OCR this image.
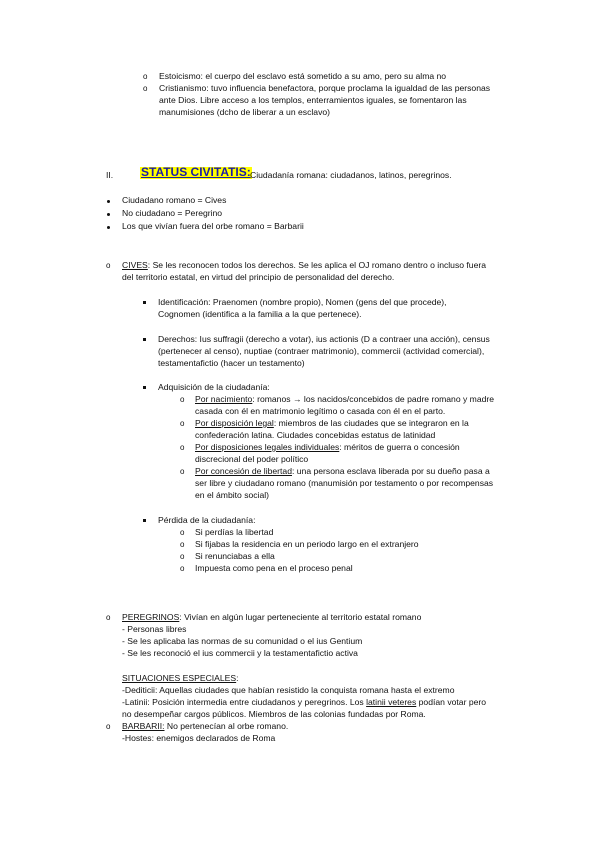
o Estoicismo: el cuerpo del esclavo está sometido a su amo, pero su alma no
o Cristianismo: tuvo influencia benefactora, porque proclama la igualdad de las personas
ante Dios. Libre acceso a los templos, enterramientos iguales, se fomentaron las
manumisiones (dcho de liberar a un esclavo)
II. STATUS CIVITATIS: Ciudadanía romana: ciudadanos, latinos, peregrinos.
Ciudadano romano = Cives
No ciudadano = Peregrino
Los que vivían fuera del orbe romano = Barbarii
o CIVES: Se les reconocen todos los derechos. Se les aplica el OJ romano dentro o incluso fuera
del territorio estatal, en virtud del principio de personalidad del derecho.
Identificación: Praenomen (nombre propio), Nomen (gens del que procede),
Cognomen (identifica a la familia a la que pertenece).
Derechos: Ius suffragii (derecho a votar), ius actionis (D a contraer una acción), census
(pertenecer al censo), nuptiae (contraer matrimonio), commercii (actividad comercial),
testamentafictio (hacer un testamento)
Adquisición de la ciudadanía:
o Por nacimiento: romanos → los nacidos/concebidos de padre romano y madre
casada con él en matrimonio legítimo o casada con él en el parto.
o Por disposición legal: miembros de las ciudades que se integraron en la
confederación latina. Ciudades concebidas estatus de latinidad
o Por disposiciones legales individuales: méritos de guerra o concesión
discrecional del poder político
o Por concesión de libertad: una persona esclava liberada por su dueño pasa a
ser libre y ciudadano romano (manumisión por testamento o por recompensas
en el ámbito social)
Pérdida de la ciudadanía:
o Si perdías la libertad
o Si fijabas la residencia en un periodo largo en el extranjero
o Si renunciabas a ella
o Impuesta como pena en el proceso penal
o PEREGRINOS: Vivían en algún lugar perteneciente al territorio estatal romano
- Personas libres
- Se les aplicaba las normas de su comunidad o el ius Gentium
- Se les reconoció el ius commercii y la testamentafictio activa
SITUACIONES ESPECIALES:
-Dediticii: Aquellas ciudades que habían resistido la conquista romana hasta el extremo
-Latinii: Posición intermedia entre ciudadanos y peregrinos. Los latinii veteres podían votar pero
no desempeñar cargos públicos. Miembros de las colonias fundadas por Roma.
o BARBARII: No pertenecían al orbe romano.
-Hostes: enemigos declarados de Roma
